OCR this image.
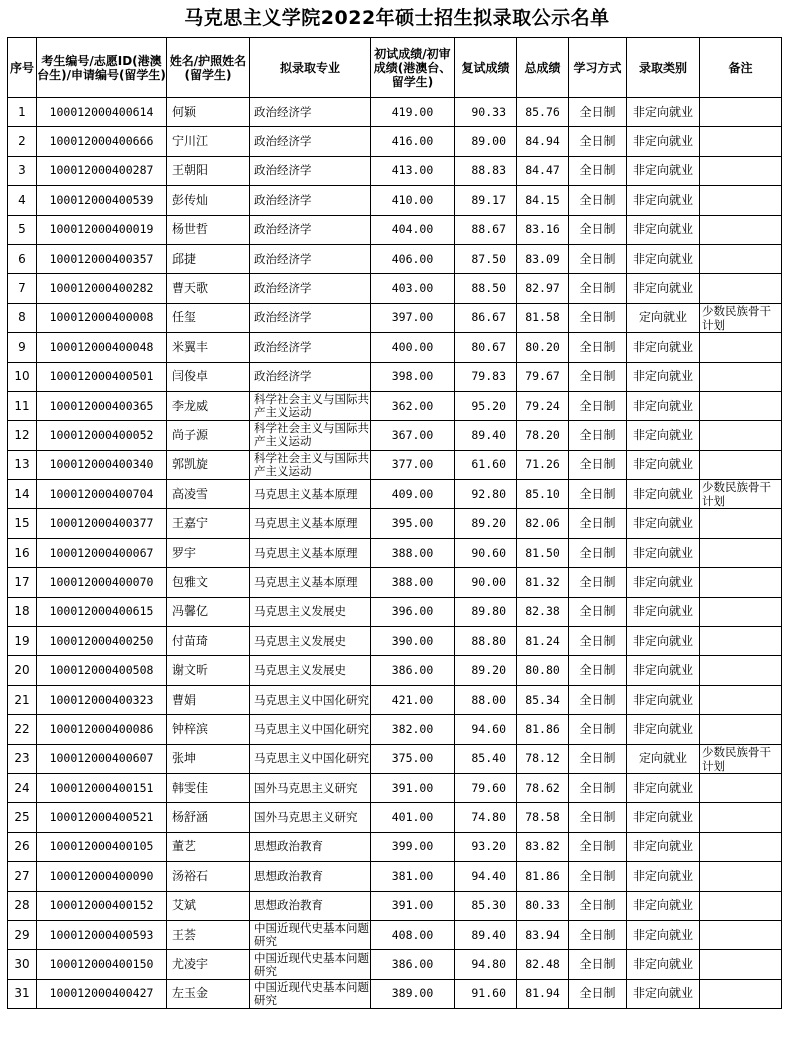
马克思主义学院2022年硕士招生拟录取公示名单
序号	考生编号/志愿ID(港澳台生)/申请编号(留学生)	姓名/护照姓名(留学生)	拟录取专业	初试成绩/初审成绩(港澳台、留学生)	复试成绩	总成绩	学习方式	录取类别	备注
1	100012000400614	何颖	政治经济学	419.00	90.33	85.76	全日制	非定向就业	
2	100012000400666	宁川江	政治经济学	416.00	89.00	84.94	全日制	非定向就业	
3	100012000400287	王朝阳	政治经济学	413.00	88.83	84.47	全日制	非定向就业	
4	100012000400539	彭传灿	政治经济学	410.00	89.17	84.15	全日制	非定向就业	
5	100012000400019	杨世哲	政治经济学	404.00	88.67	83.16	全日制	非定向就业	
6	100012000400357	邱捷	政治经济学	406.00	87.50	83.09	全日制	非定向就业	
7	100012000400282	曹天歌	政治经济学	403.00	88.50	82.97	全日制	非定向就业	
8	100012000400008	任玺	政治经济学	397.00	86.67	81.58	全日制	定向就业	少数民族骨干计划
9	100012000400048	米翼丰	政治经济学	400.00	80.67	80.20	全日制	非定向就业	
10	100012000400501	闫俊卓	政治经济学	398.00	79.83	79.67	全日制	非定向就业	
11	100012000400365	李龙威	科学社会主义与国际共产主义运动	362.00	95.20	79.24	全日制	非定向就业	
12	100012000400052	尚子源	科学社会主义与国际共产主义运动	367.00	89.40	78.20	全日制	非定向就业	
13	100012000400340	郭凯旋	科学社会主义与国际共产主义运动	377.00	61.60	71.26	全日制	非定向就业	
14	100012000400704	高凌雪	马克思主义基本原理	409.00	92.80	85.10	全日制	非定向就业	少数民族骨干计划
15	100012000400377	王嘉宁	马克思主义基本原理	395.00	89.20	82.06	全日制	非定向就业	
16	100012000400067	罗宇	马克思主义基本原理	388.00	90.60	81.50	全日制	非定向就业	
17	100012000400070	包雅文	马克思主义基本原理	388.00	90.00	81.32	全日制	非定向就业	
18	100012000400615	冯馨亿	马克思主义发展史	396.00	89.80	82.38	全日制	非定向就业	
19	100012000400250	付苗琦	马克思主义发展史	390.00	88.80	81.24	全日制	非定向就业	
20	100012000400508	谢文昕	马克思主义发展史	386.00	89.20	80.80	全日制	非定向就业	
21	100012000400323	曹娟	马克思主义中国化研究	421.00	88.00	85.34	全日制	非定向就业	
22	100012000400086	钟梓滨	马克思主义中国化研究	382.00	94.60	81.86	全日制	非定向就业	
23	100012000400607	张坤	马克思主义中国化研究	375.00	85.40	78.12	全日制	定向就业	少数民族骨干计划
24	100012000400151	韩雯佳	国外马克思主义研究	391.00	79.60	78.62	全日制	非定向就业	
25	100012000400521	杨舒涵	国外马克思主义研究	401.00	74.80	78.58	全日制	非定向就业	
26	100012000400105	董艺	思想政治教育	399.00	93.20	83.82	全日制	非定向就业	
27	100012000400090	汤裕石	思想政治教育	381.00	94.40	81.86	全日制	非定向就业	
28	100012000400152	艾斌	思想政治教育	391.00	85.30	80.33	全日制	非定向就业	
29	100012000400593	王荟	中国近现代史基本问题研究	408.00	89.40	83.94	全日制	非定向就业	
30	100012000400150	尤凌宇	中国近现代史基本问题研究	386.00	94.80	82.48	全日制	非定向就业	
31	100012000400427	左玉金	中国近现代史基本问题研究	389.00	91.60	81.94	全日制	非定向就业	
